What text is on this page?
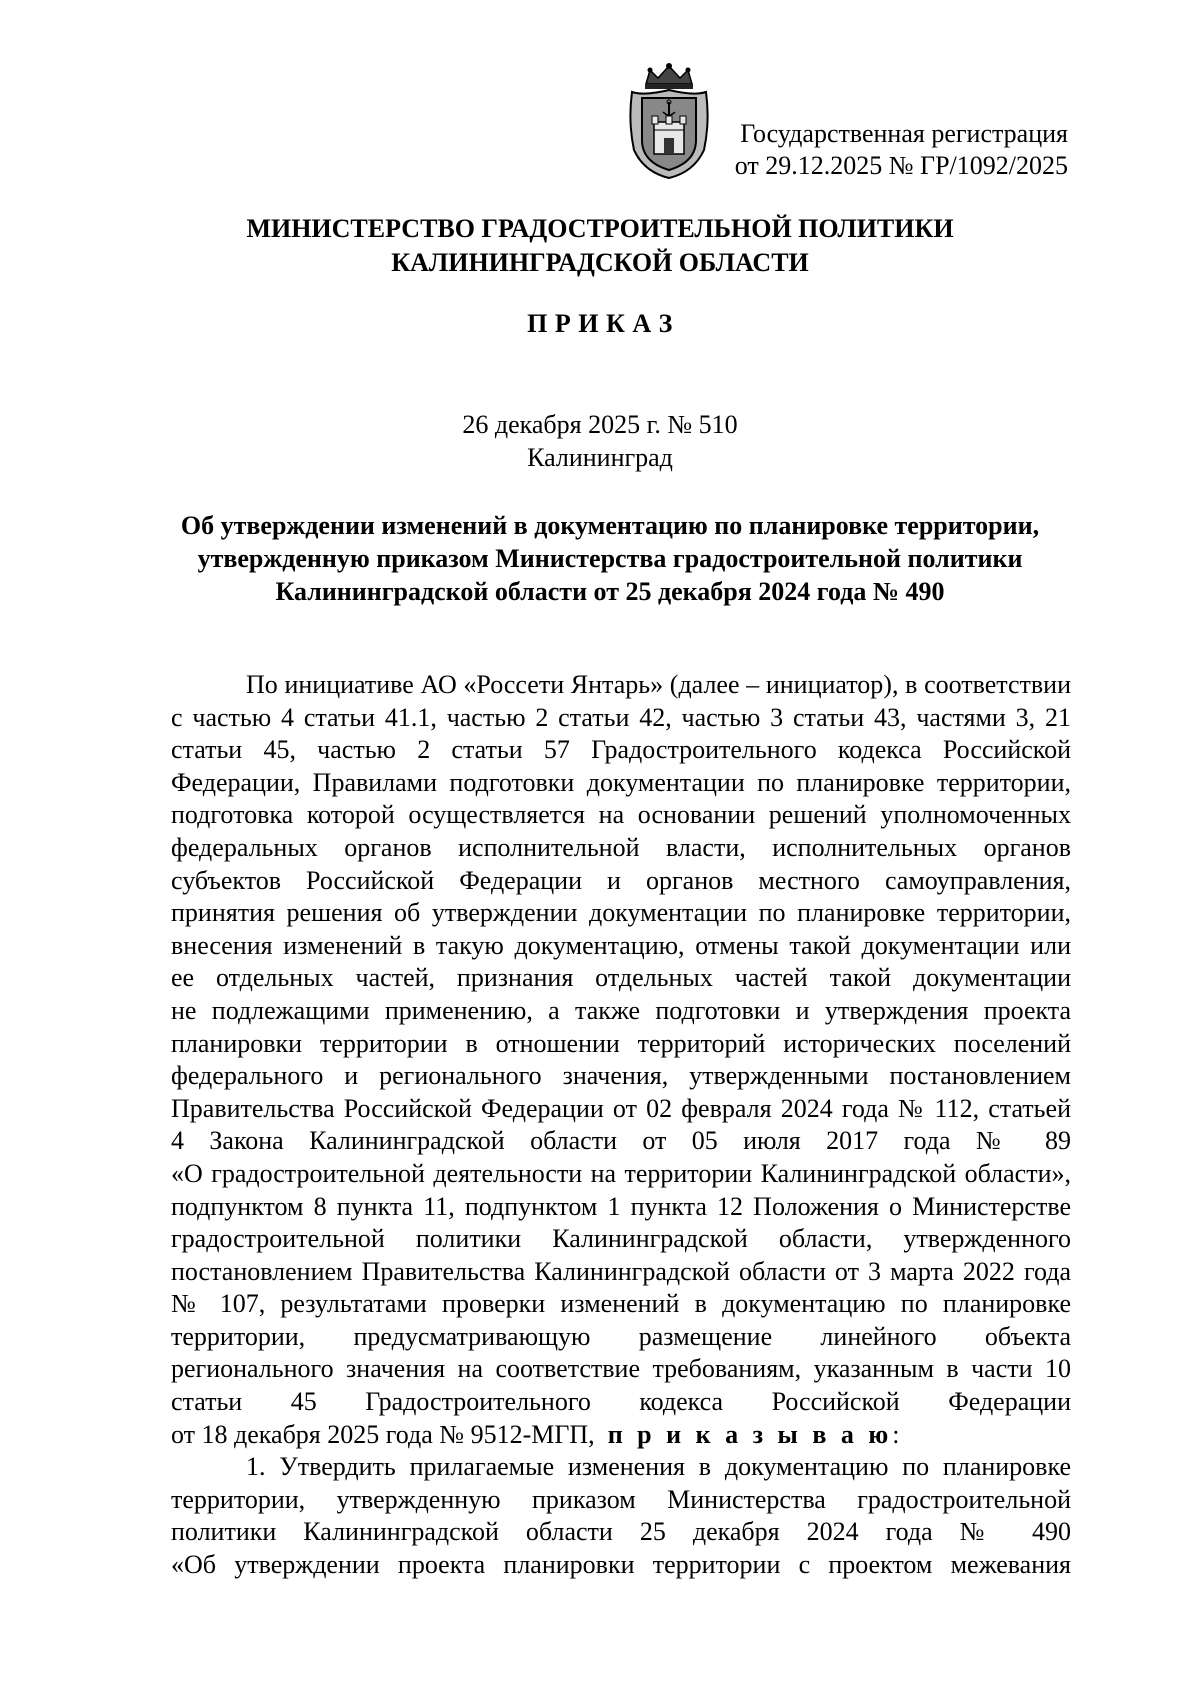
Государственная регистрация
от 29.12.2025 № ГР/1092/2025
МИНИСТЕРСТВО ГРАДОСТРОИТЕЛЬНОЙ ПОЛИТИКИ
КАЛИНИНГРАДСКОЙ ОБЛАСТИ
П Р И К А З
26 декабря 2025 г. № 510
Калининград
Об утверждении изменений в документацию по планировке территории,
утвержденную приказом Министерства градостроительной политики
Калининградской области от 25 декабря 2024 года № 490
По инициативе АО «Россети Янтарь» (далее – инициатор), в соответствии
с частью 4 статьи 41.1, частью 2 статьи 42, частью 3 статьи 43, частями 3, 21
статьи 45, частью 2 статьи 57 Градостроительного кодекса Российской
Федерации, Правилами подготовки документации по планировке территории,
подготовка которой осуществляется на основании решений уполномоченных
федеральных органов исполнительной власти, исполнительных органов
субъектов Российской Федерации и органов местного самоуправления,
принятия решения об утверждении документации по планировке территории,
внесения изменений в такую документацию, отмены такой документации или
ее отдельных частей, признания отдельных частей такой документации
не подлежащими применению, а также подготовки и утверждения проекта
планировки территории в отношении территорий исторических поселений
федерального и регионального значения, утвержденными постановлением
Правительства Российской Федерации от 02 февраля 2024 года № 112, статьей
4 Закона Калининградской области от 05 июля 2017 года № 89
«О градостроительной деятельности на территории Калининградской области»,
подпунктом 8 пункта 11, подпунктом 1 пункта 12 Положения о Министерстве
градостроительной политики Калининградской области, утвержденного
постановлением Правительства Калининградской области от 3 марта 2022 года
№ 107, результатами проверки изменений в документацию по планировке
территории, предусматривающую размещение линейного объекта
регионального значения на соответствие требованиям, указанным в части 10
статьи 45 Градостроительного кодекса Российской Федерации
от 18 декабря 2025 года № 9512-МГП, п р и к а з ы в а ю:
1. Утвердить прилагаемые изменения в документацию по планировке
территории, утвержденную приказом Министерства градостроительной
политики Калининградской области 25 декабря 2024 года № 490
«Об утверждении проекта планировки территории с проектом межевания
